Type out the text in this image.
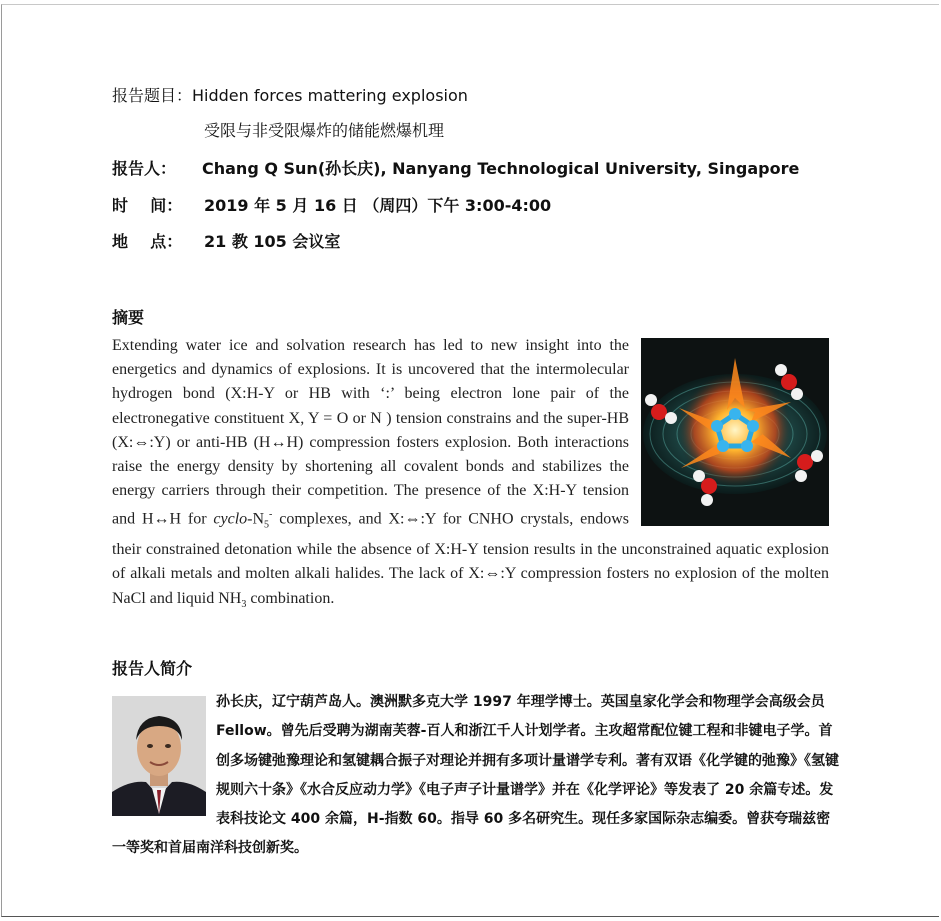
报告题目：Hidden forces mattering explosion
受限与非受限爆炸的储能燃爆机理
报告人： Chang Q Sun(孙长庆), Nanyang Technological University, Singapore
时    间： 2019 年 5 月 16 日 （周四）下午 3:00-4:00
地    点： 21 教 105 会议室
摘要
Extending water ice and solvation research has led to new insight into the energetics and dynamics of explosions. It is uncovered that the intermolecular hydrogen bond (X:H-Y or HB with ‘:’ being electron lone pair of the electronegative constituent X, Y = O or N ) tension constrains and the super-HB (X:⇔:Y) or anti-HB (H↔H) compression fosters explosion. Both interactions raise the energy density by shortening all covalent bonds and stabilizes the energy carriers through their competition. The presence of the X:H-Y tension and H↔H for cyclo-$N_5^-$ complexes, and X:⇔:Y for CNHO crystals, endows their constrained detonation while the absence of X:H-Y tension results in the unconstrained aquatic explosion of alkali metals and molten alkali halides. The lack of X:⇔:Y compression fosters no explosion of the molten NaCl and liquid $NH_3$ combination.
报告人简介
孙长庆，辽宁葫芦岛人。澳洲默多克大学 1997 年理学博士。英国皇家化学会和物理学会高级会员 Fellow。曾先后受聘为湖南芙蓉-百人和浙江千人计划学者。主攻超常配位键工程和非键电子学。首创多场键弛豫理论和氢键耦合振子对理论并拥有多项计量谱学专利。著有双语《化学键的弛豫》《氢键规则六十条》《水合反应动力学》《电子声子计量谱学》并在《化学评论》等发表了 20 余篇专述。发表科技论文 400 余篇，H-指数 60。指导 60 多名研究生。现任多家国际杂志编委。曾获夸瑞兹密一等奖和首届南洋科技创新奖。
